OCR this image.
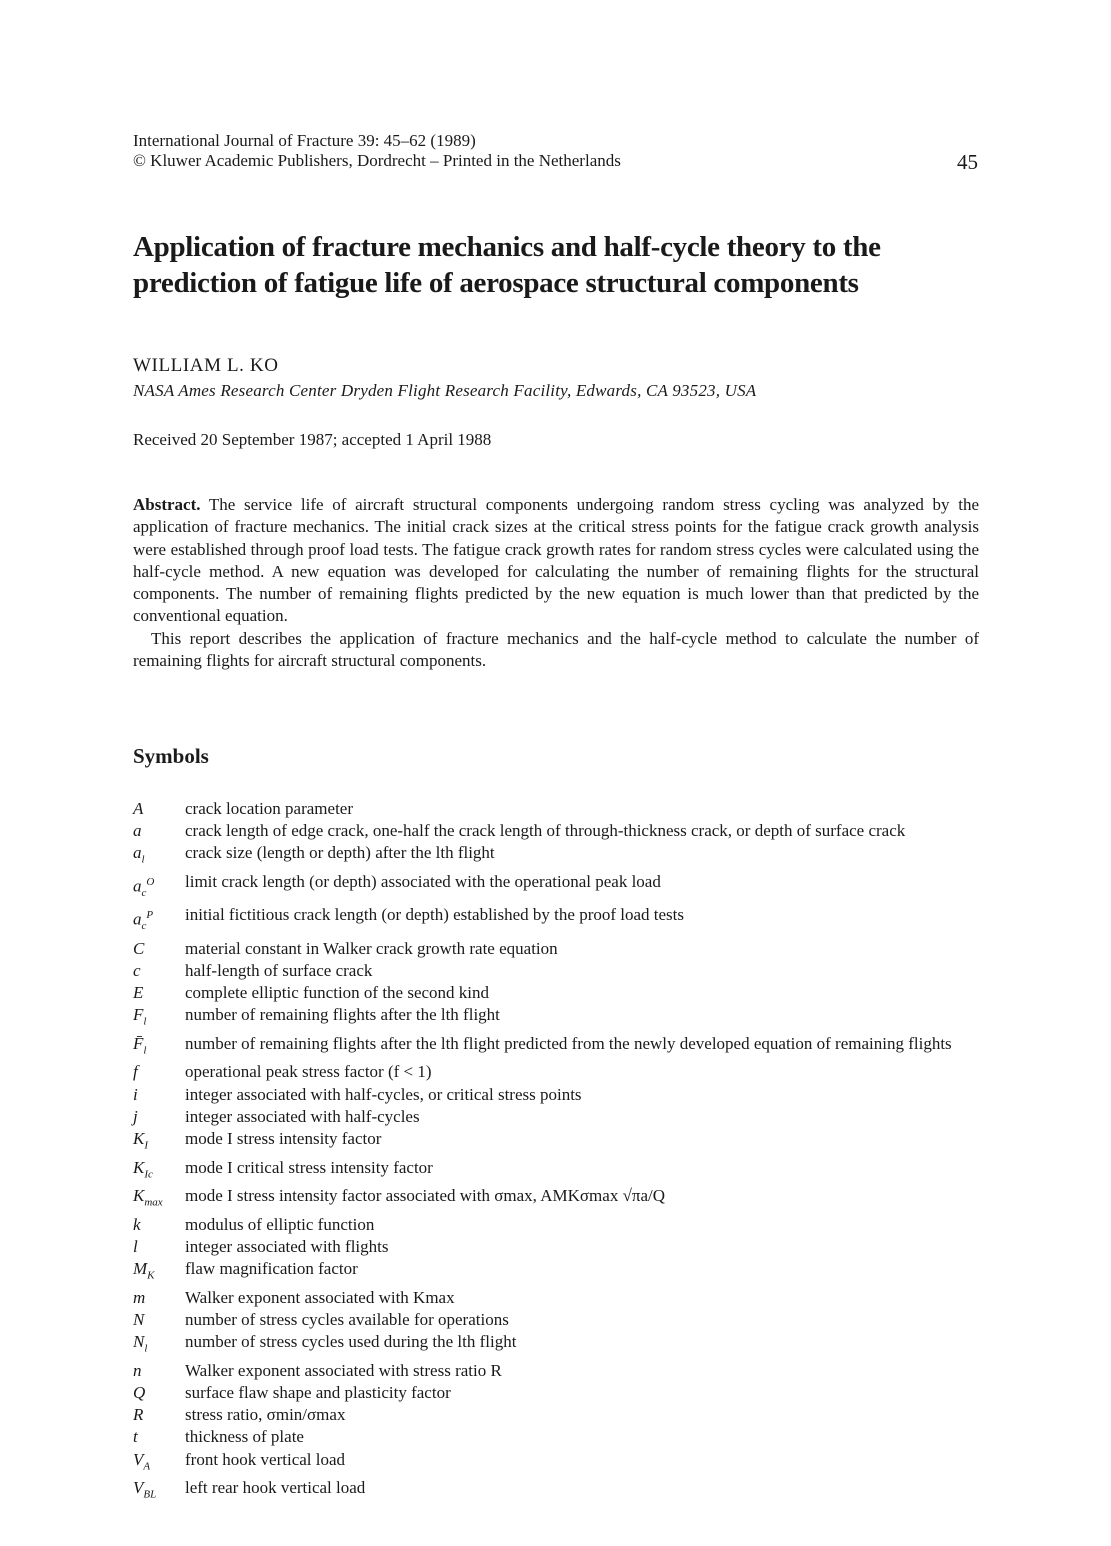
International Journal of Fracture 39: 45–62 (1989)
© Kluwer Academic Publishers, Dordrecht – Printed in the Netherlands	45
Application of fracture mechanics and half-cycle theory to the prediction of fatigue life of aerospace structural components
WILLIAM L. KO
NASA Ames Research Center Dryden Flight Research Facility, Edwards, CA 93523, USA
Received 20 September 1987; accepted 1 April 1988

Abstract. The service life of aircraft structural components undergoing random stress cycling was analyzed by the application of fracture mechanics. The initial crack sizes at the critical stress points for the fatigue crack growth analysis were established through proof load tests. The fatigue crack growth rates for random stress cycles were calculated using the half-cycle method. A new equation was developed for calculating the number of remaining flights for the structural components. The number of remaining flights predicted by the new equation is much lower than that predicted by the conventional equation.

This report describes the application of fracture mechanics and the half-cycle method to calculate the number of remaining flights for aircraft structural components.

Symbols
A	crack location parameter
a	crack length of edge crack, one-half the crack length of through-thickness crack, or depth of surface crack
$a_l$	crack size (length or depth) after the lth flight
$a_c^O$	limit crack length (or depth) associated with the operational peak load
$a_c^P$	initial fictitious crack length (or depth) established by the proof load tests
C	material constant in Walker crack growth rate equation
c	half-length of surface crack
E	complete elliptic function of the second kind
$F_l$	number of remaining flights after the lth flight
$F̄_l$	number of remaining flights after the lth flight predicted from the newly developed equation of remaining flights
f	operational peak stress factor (f < 1)
i	integer associated with half-cycles, or critical stress points
j	integer associated with half-cycles
$K_I$	mode I stress intensity factor
$K_{Ic}$	mode I critical stress intensity factor
$K_{max}$	mode I stress intensity factor associated with σmax, AMKσmax √πa/Q
k	modulus of elliptic function
l	integer associated with flights
$M_K$	flaw magnification factor
m	Walker exponent associated with Kmax
N	number of stress cycles available for operations
$N_l$	number of stress cycles used during the lth flight
n	Walker exponent associated with stress ratio R
Q	surface flaw shape and plasticity factor
R	stress ratio, σmin/σmax
t	thickness of plate
$V_A$	front hook vertical load
$V_{BL}$	left rear hook vertical load
